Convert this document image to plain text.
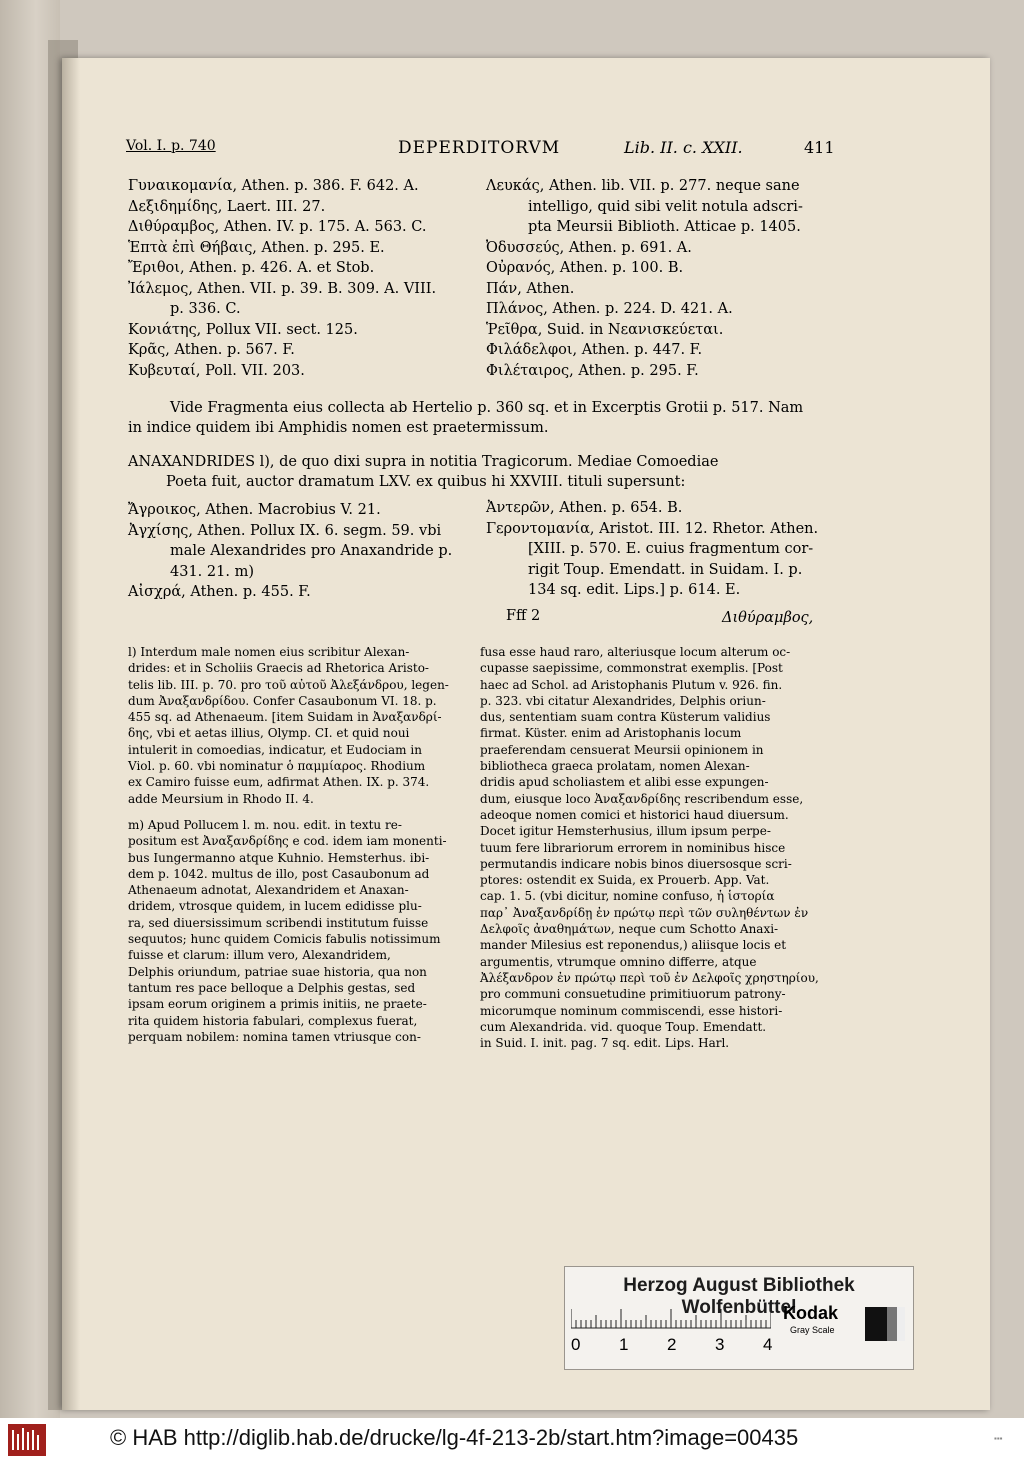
Vol. I. p. 740	DEPERDITORVM	Lib. II. c. XXII.	411
Γυναικομανία, Athen. p. 386. F. 642. A.
Δεξιδημίδης, Laert. III. 27.
Διθύραμβος, Athen. IV. p. 175. A. 563. C.
Ἑπτὰ ἐπὶ Θήβαις, Athen. p. 295. E.
Ἔριθοι, Athen. p. 426. A. et Stob.
Ἰάλεμος, Athen. VII. p. 39. B. 309. A. VIII.
p. 336. C.
Κονιάτης, Pollux VII. sect. 125.
Κρᾶς, Athen. p. 567. F.
Κυβευταί, Poll. VII. 203.
Λευκάς, Athen. lib. VII. p. 277. neque sane
intelligo, quid sibi velit notula adscri-
pta Meursii Biblioth. Atticae p. 1405.
Ὀδυσσεύς, Athen. p. 691. A.
Οὐρανός, Athen. p. 100. B.
Πάν, Athen.
Πλάνος, Athen. p. 224. D. 421. A.
Ῥεῖθρα, Suid. in Νεανισκεύεται.
Φιλάδελφοι, Athen. p. 447. F.
Φιλέταιρος, Athen. p. 295. F.
Vide Fragmenta eius collecta ab Hertelio p. 360 sq. et in Excerptis Grotii p. 517. Nam
in indice quidem ibi Amphidis nomen est praetermissum.
ANAXANDRIDES l), de quo dixi supra in notitia Tragicorum. Mediae Comoediae
Poeta fuit, auctor dramatum LXV. ex quibus hi XXVIII. tituli supersunt:
Ἄγροικος, Athen. Macrobius V. 21.
Ἀγχίσης, Athen. Pollux IX. 6. segm. 59. vbi
male Alexandrides pro Anaxandride p.
431. 21. m)
Αἰσχρά, Athen. p. 455. F.
Ἀντερῶν, Athen. p. 654. B.
Γεροντομανία, Aristot. III. 12. Rhetor. Athen.
[XIII. p. 570. E. cuius fragmentum cor-
rigit Toup. Emendatt. in Suidam. I. p.
134 sq. edit. Lips.] p. 614. E.
Fff 2	Διθύραμβος,

l) Interdum male nomen eius scribitur Alexan-

drides: et in Scholiis Graecis ad Rhetorica Aristo-

telis lib. III. p. 70. pro τοῦ αὐτοῦ Ἀλεξάνδρου, legen-

dum Ἀναξανδρίδου. Confer Casaubonum VI. 18. p.

455 sq. ad Athenaeum. [item Suidam in Ἀναξανδρί-

δης, vbi et aetas illius, Olymp. CI. et quid noui

intulerit in comoedias, indicatur, et Eudociam in

Viol. p. 60. vbi nominatur ὁ παμμίαρος. Rhodium

ex Camiro fuisse eum, adfirmat Athen. IX. p. 374.

adde Meursium in Rhodo II. 4.

m) Apud Pollucem l. m. nou. edit. in textu re-

positum est Ἀναξανδρίδης e cod. idem iam monenti-

bus Iungermanno atque Kuhnio. Hemsterhus. ibi-

dem p. 1042. multus de illo, post Casaubonum ad

Athenaeum adnotat, Alexandridem et Anaxan-

dridem, vtrosque quidem, in lucem edidisse plu-

ra, sed diuersissimum scribendi institutum fuisse

sequutos; hunc quidem Comicis fabulis notissimum

fuisse et clarum: illum vero, Alexandridem,

Delphis oriundum, patriae suae historia, qua non

tantum res pace belloque a Delphis gestas, sed

ipsam eorum originem a primis initiis, ne praete-

rita quidem historia fabulari, complexus fuerat,

perquam nobilem: nomina tamen vtriusque con-

fusa esse haud raro, alteriusque locum alterum oc-

cupasse saepissime, commonstrat exemplis. [Post

haec ad Schol. ad Aristophanis Plutum v. 926. fin.

p. 323. vbi citatur Alexandrides, Delphis oriun-

dus, sententiam suam contra Küsterum validius

firmat. Küster. enim ad Aristophanis locum

praeferendam censuerat Meursii opinionem in

bibliotheca graeca prolatam, nomen Alexan-

dridis apud scholiastem et alibi esse expungen-

dum, eiusque loco Ἀναξανδρίδης rescribendum esse,

adeoque nomen comici et historici haud diuersum.

Docet igitur Hemsterhusius, illum ipsum perpe-

tuum fere librariorum errorem in nominibus hisce

permutandis indicare nobis binos diuersosque scri-

ptores: ostendit ex Suida, ex Prouerb. App. Vat.

cap. 1. 5. (vbi dicitur, nomine confuso, ἡ ἱστορία

παρ᾽ Ἀναξανδρίδῃ ἐν πρώτῳ περὶ τῶν συληθέντων ἐν

Δελφοῖς ἀναθημάτων, neque cum Schotto Anaxi-

mander Milesius est reponendus,) aliisque locis et

argumentis, vtrumque omnino differre, atque

Ἀλέξανδρον ἐν πρώτῳ περὶ τοῦ ἐν Δελφοῖς χρηστηρίου,

pro communi consuetudine primitiuorum patrony-

micorumque nominum commiscendi, esse histori-

cum Alexandrida. vid. quoque Toup. Emendatt.

in Suid. I. init. pag. 7 sq. edit. Lips. Harl.

Herzog August Bibliothek Wolfenbüttel
0 1 2 3 4
Kodak
Gray Scale
© HAB http://diglib.hab.de/drucke/lg-4f-213-2b/start.htm?image=00435	▪▪▪
